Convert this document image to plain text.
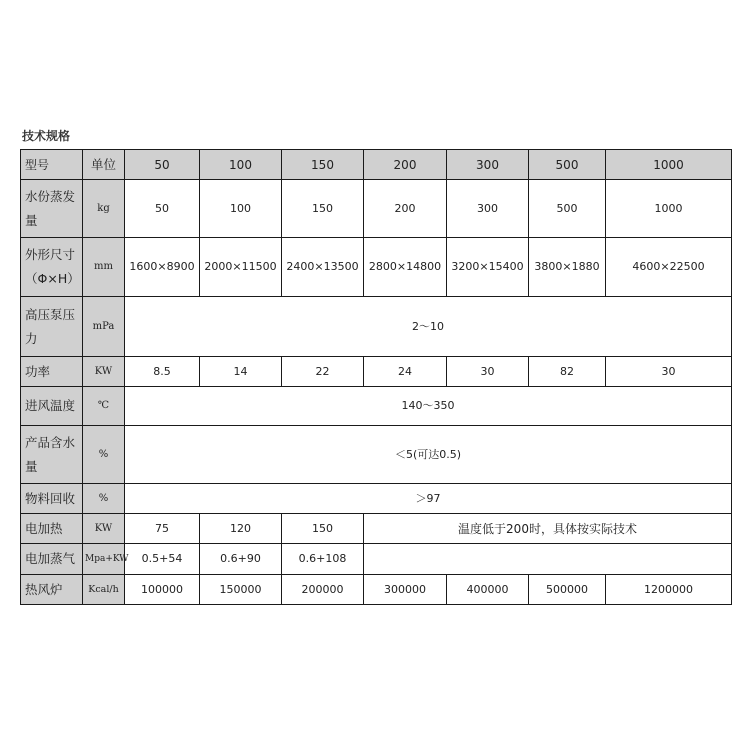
技术规格
型号	单位	50	100	150	200	300	500	1000
水份蒸发量	kg	50	100	150	200	300	500	1000
外形尺寸（Φ×H）	mm	1600×8900	2000×11500	2400×13500	2800×14800	3200×15400	3800×1880	4600×22500
高压泵压力	mPa	2～10						
功率	KW	8.5	14	22	24	30	82	30
进风温度	℃	140～350						
产品含水量	%	＜5(可达0.5)						
物料回收	%	＞97						
电加热	KW	75	120	150	温度低于200时，具体按实际技术			
电加蒸气	Mpa+KW	0.5+54	0.6+90	0.6+108				
热风炉	Kcal/h	100000	150000	200000	300000	400000	500000	1200000
